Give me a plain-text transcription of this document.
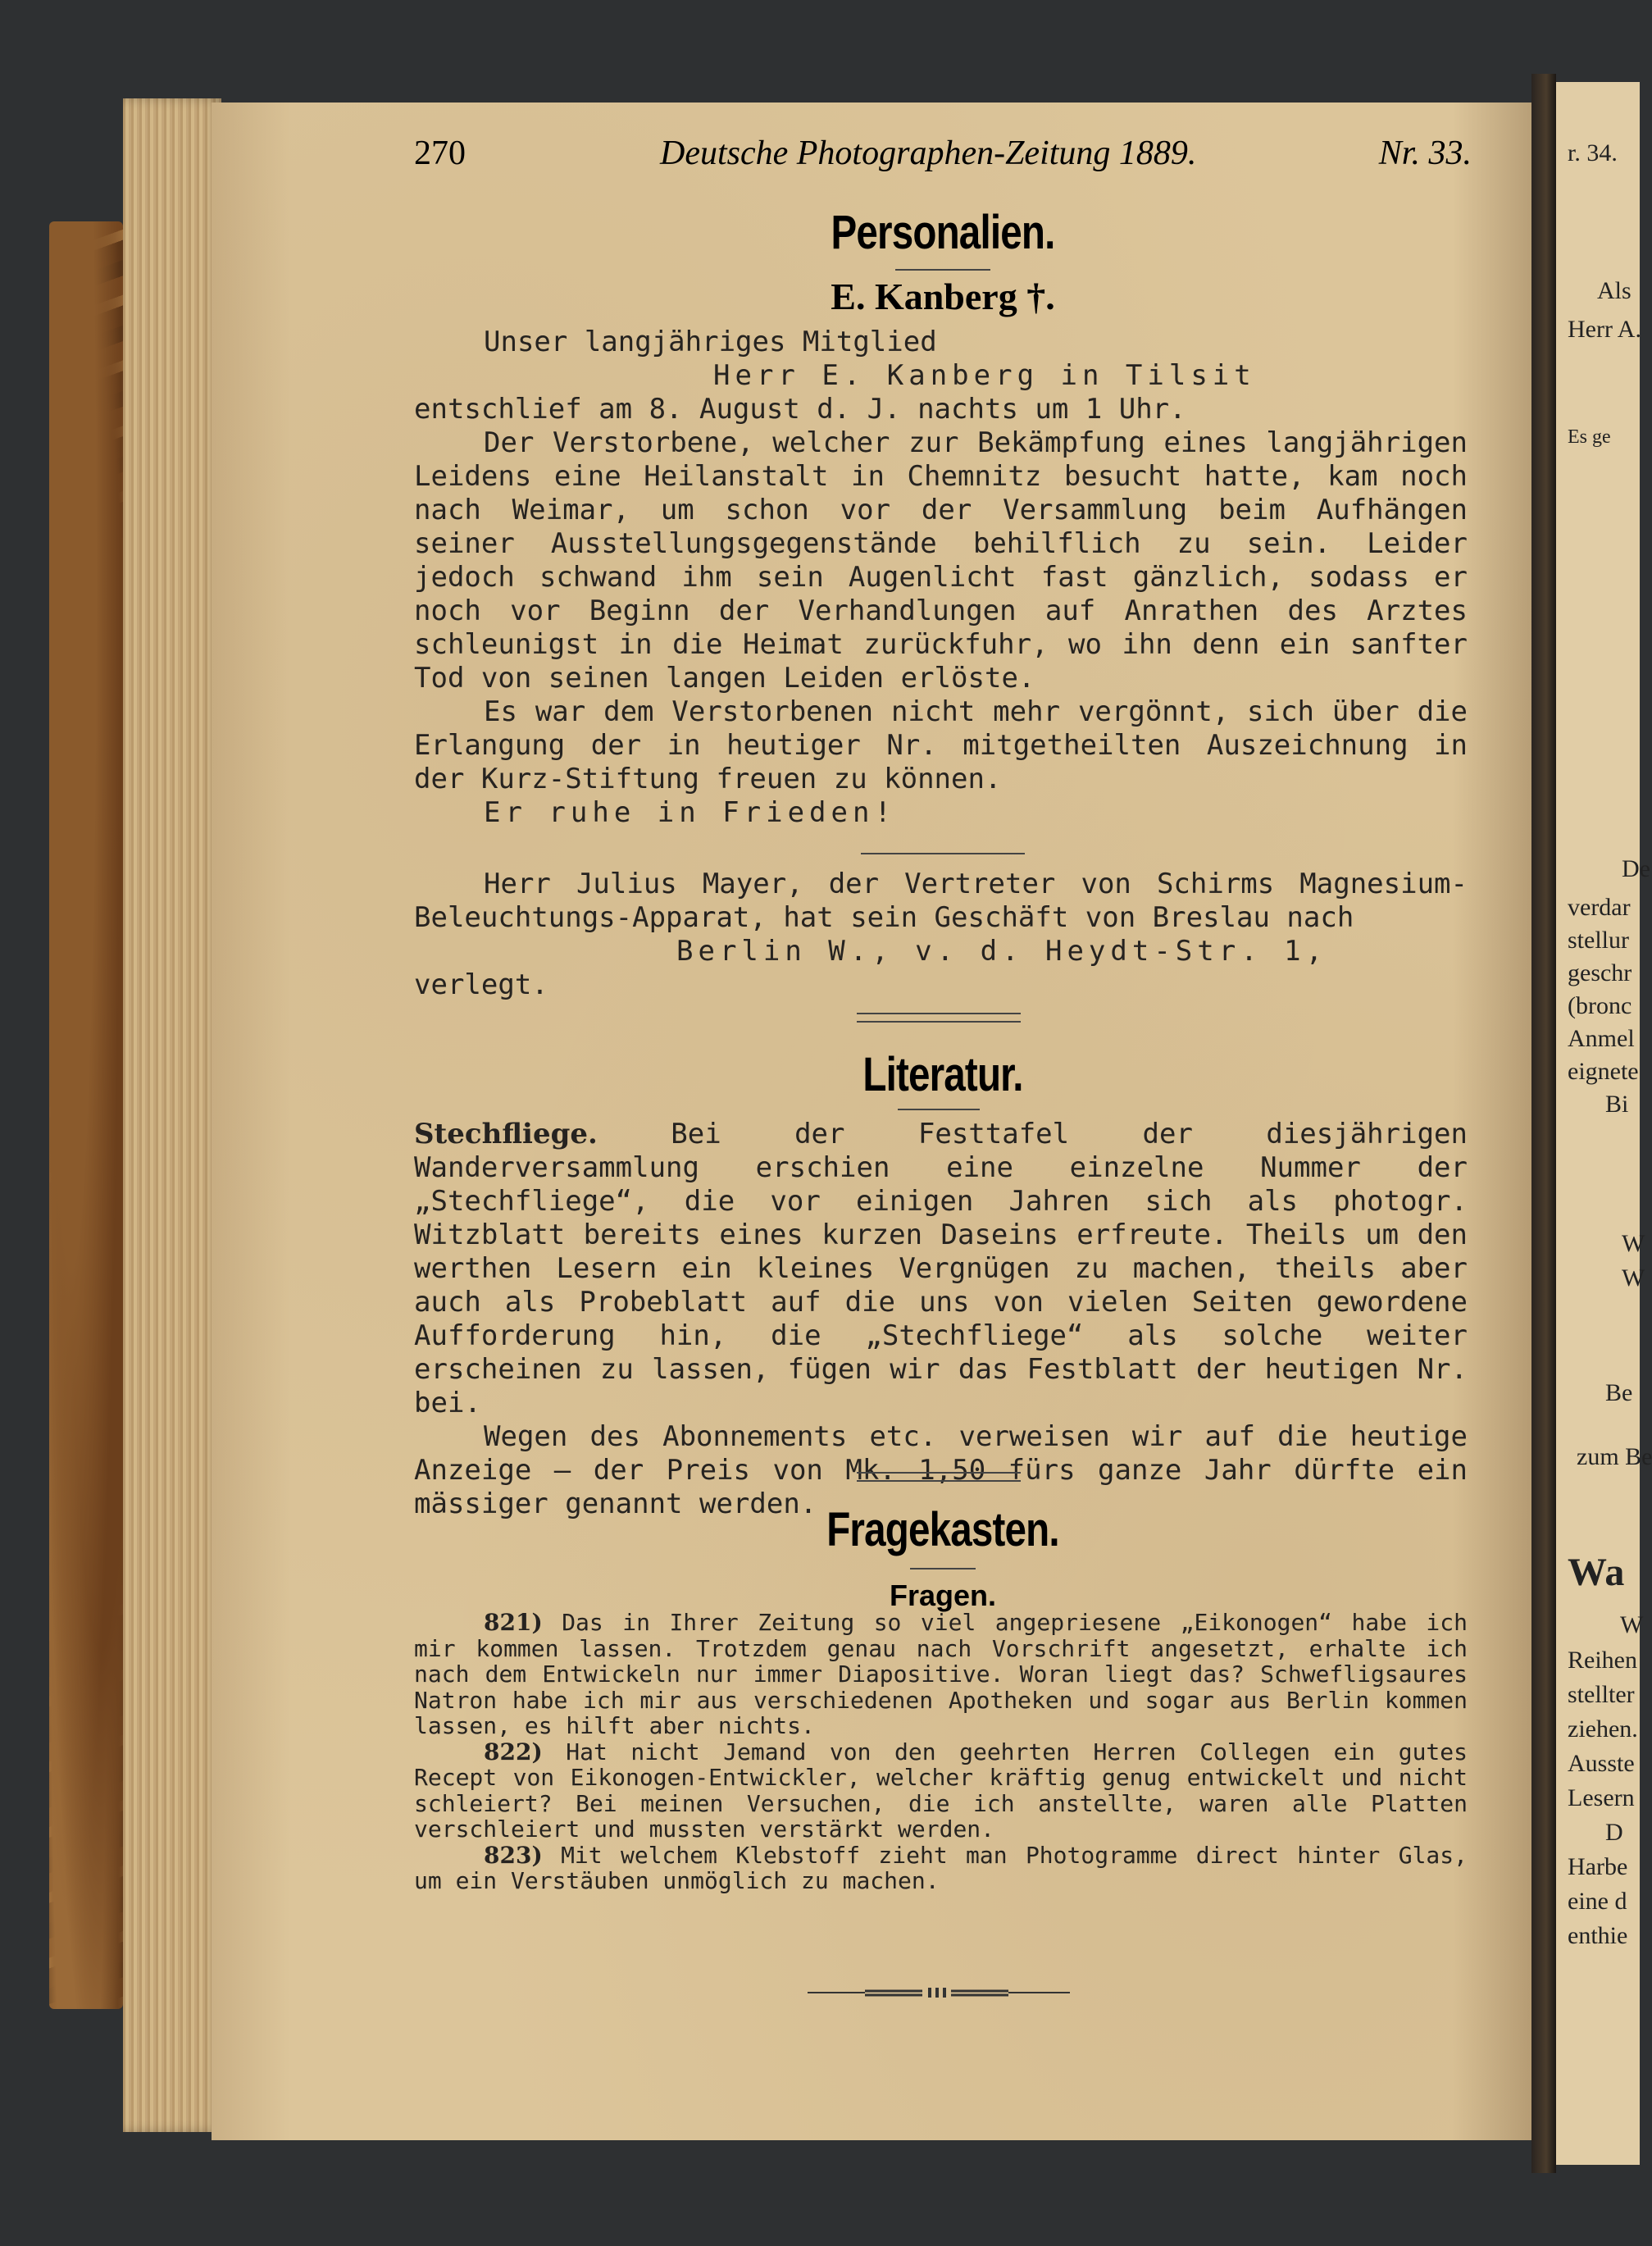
r. 34.
Als
Herr A.
Es ge
De
verdar
stellur
geschr
(bronc
Anmel
eignete
Bi
W
W
Be
zum Be
Wa
W
Reihen
stellter
ziehen.
Ausste
Lesern
D
Harbe
eine d
enthie
270	Deutsche Photographen-Zeitung 1889.	Nr. 33.
Personalien.
E. Kanberg †.

Unser langjähriges Mitglied

Herr E. Kanberg in Tilsit

entschlief am 8. August d. J. nachts um 1 Uhr.

Der Verstorbene, welcher zur Bekämpfung eines langjährigen Leidens eine Heilanstalt in Chemnitz besucht hatte, kam noch nach Weimar, um schon vor der Versammlung beim Aufhängen seiner Ausstellungsgegenstände behilflich zu sein. Leider jedoch schwand ihm sein Augenlicht fast gänzlich, sodass er noch vor Beginn der Verhandlungen auf Anrathen des Arztes schleunigst in die Heimat zurückfuhr, wo ihn denn ein sanfter Tod von seinen langen Leiden erlöste.

Es war dem Verstorbenen nicht mehr vergönnt, sich über die Erlangung der in heutiger Nr. mitgetheilten Auszeichnung in der Kurz-Stiftung freuen zu können.

Er ruhe in Frieden!

Herr Julius Mayer, der Vertreter von Schirms Magnesium-Beleuchtungs-Apparat, hat sein Geschäft von Breslau nach

Berlin W., v. d. Heydt-Str. 1,

verlegt.

Literatur.

Stechfliege.	Bei der Festtafel der diesjährigen Wanderversammlung erschien eine einzelne Nummer der „Stechfliege“, die vor einigen Jahren sich als photogr. Witzblatt bereits eines kurzen Daseins erfreute. Theils um den werthen Lesern ein kleines Vergnügen zu machen, theils aber auch als Probeblatt auf die uns von vielen Seiten gewordene Aufforderung hin, die „Stechfliege“ als solche weiter erscheinen zu lassen, fügen wir das Festblatt der heutigen Nr. bei.

Wegen des Abonnements etc. verweisen wir auf die heutige Anzeige — der Preis von Mk. 1,50 fürs ganze Jahr dürfte ein mässiger genannt werden. Fragekasten.
Fragen.

821) Das in Ihrer Zeitung so viel angepriesene „Eikonogen“ habe ich mir kommen lassen. Trotzdem genau nach Vorschrift angesetzt, erhalte ich nach dem Entwickeln nur immer Diapositive. Woran liegt das? Schwefligsaures Natron habe ich mir aus verschiedenen Apotheken und sogar aus Berlin kommen lassen, es hilft aber nichts.

822) Hat nicht Jemand von den geehrten Herren Collegen ein gutes Recept von Eikonogen-Entwickler, welcher kräftig genug entwickelt und nicht schleiert? Bei meinen Versuchen, die ich anstellte, waren alle Platten verschleiert und mussten verstärkt werden.

823) Mit welchem Klebstoff zieht man Photogramme direct hinter Glas, um ein Verstäuben unmöglich zu machen.
